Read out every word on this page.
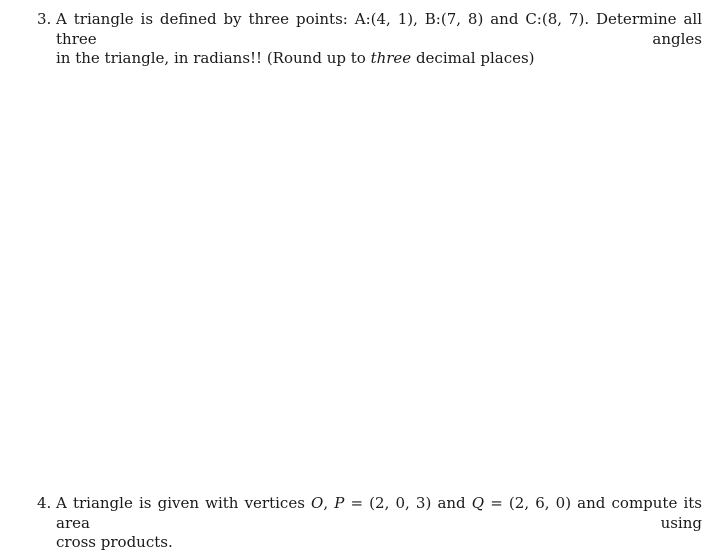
3. A triangle is defined by three points: A:(4, 1), B:(7, 8) and C:(8, 7). Determine all three angles
in the triangle, in radians!! (Round up to three decimal places)
4. A triangle is given with vertices O, P = (2, 0, 3) and Q = (2, 6, 0) and compute its area using
cross products.
